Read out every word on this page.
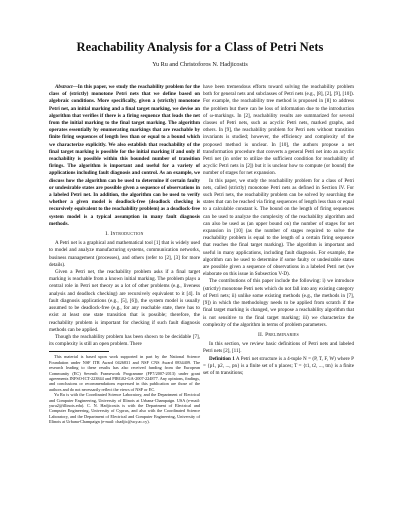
Reachability Analysis for a Class of Petri Nets
Yu Ru and Christoforos N. Hadjicostis

Abstract—In this paper, we study the reachability problem for the class of (strictly) monotone Petri nets that we define based on algebraic conditions. More specifically, given a (strictly) monotone Petri net, an initial marking and a final target marking, we devise an algorithm that verifies if there is a firing sequence that leads the net from the initial marking to the final target marking. The algorithm operates essentially by enumerating markings that are reachable by finite firing sequences of length less than or equal to a bound which we characterize explicitly. We also establish that reachability of the final target marking is possible for the initial marking if and only if reachability is possible within this bounded number of transition firings. The algorithm is important and useful for a variety of applications including fault diagnosis and control. As an example, we discuss how the algorithm can be used to determine if certain faulty or undesirable states are possible given a sequence of observations in a labeled Petri net. In addition, the algorithm can be used to verify whether a given model is deadlock-free (deadlock checking is recursively equivalent to the reachability problem) as a deadlock-free system model is a typical assumption in many fault diagnosis methods.

I. Introduction

A Petri net is a graphical and mathematical tool [1] that is widely used to model and analyze manufacturing systems, communication networks, business management (processes), and others (refer to [2], [3] for more details).

Given a Petri net, the reachability problem asks if a final target marking is reachable from a known initial marking. The problem plays a central role in Petri net theory as a lot of other problems (e.g., liveness analysis and deadlock checking) are recursively equivalent to it [4]. In fault diagnosis applications (e.g., [5], [6]), the system model is usually assumed to be deadlock-free (e.g., for any reachable state, there has to exist at least one state transition that is possible; therefore, the reachability problem is important for checking if such fault diagnosis methods can be applied.

Though the reachability problem has been shown to be decidable [7], its complexity is still an open problem. There

This material is based upon work supported in part by the National Science Foundation under NSF ITR Award 0426831 and NSF CNS Award 0834409. The research leading to these results has also received funding from the European Community (EC) Seventh Framework Programme (FP7/2007-2013) under grant agreements INFSO-ICT-223844 and PIRG02-GA-2007-224877. Any opinions, findings, and conclusions or recommendations expressed in this publication are those of the authors and do not necessarily reflect the views of NSF or EC.

Yu Ru is with the Coordinated Science Laboratory, and the Department of Electrical and Computer Engineering, University of Illinois at Urbana-Champaign. USA (e-mail: yuru2@illinois.edu). C. N. Hadjicostis is with the Department of Electrical and Computer Engineering, University of Cyprus, and also with the Coordinated Science Laboratory, and the Department of Electrical and Computer Engineering, University of Illinois at Urbana-Champaign (e-mail: chadjic@ucy.ac.cy).

have been tremendous efforts toward solving the reachability problem both for general nets and subclasses of Petri nets (e.g., [8], [2], [9], [10]). For example, the reachability tree method is proposed in [8] to address the problem but there can be loss of information due to the introduction of ω-markings. In [2], reachability results are summarized for several classes of Petri nets, such as acyclic Petri nets, marked graphs, and others. In [9], the reachability problem for Petri nets without transition invariants is studied; however, the efficiency and complexity of the proposed method is unclear. In [10], the authors propose a net transformation procedure that converts a general Petri net into an acyclic Petri net (in order to utilize the sufficient condition for reachability of acyclic Petri nets in [2]) but it is unclear how to compute (or bound) the number of stages for net expansion.

In this paper, we study the reachability problem for a class of Petri nets, called (strictly) monotone Petri nets as defined in Section IV. For such Petri nets, the reachability problem can be solved by searching the states that can be reached via firing sequences of length less than or equal to a calculable constant k. The bound on the length of firing sequences can be used to analyze the complexity of the reachability algorithm and can also be used as (an upper bound on) the number of stages for net expansion in [10] (as the number of stages required to solve the reachability problem is equal to the length of a certain firing sequence that reaches the final target marking). The algorithm is important and useful in many applications, including fault diagnosis. For example, the algorithm can be used to determine if some faulty or undesirable states are possible given a sequence of observations in a labeled Petri net (we elaborate on this issue in Subsection V-D).

The contributions of this paper include the following: i) we introduce (strictly) monotone Petri nets which do not fall into any existing category of Petri nets; ii) unlike some existing methods (e.g., the methods in [7], [9]) in which the methodology needs to be applied from scratch if the final target marking is changed, we propose a reachability algorithm that is not sensitive to the final target marking; iii) we characterize the complexity of the algorithm in terms of problem parameters.

II. Preliminaries

In this section, we review basic definitions of Petri nets and labeled Petri nets [2], [11].

Definition 1 A Petri net structure is a 4-tuple N = (P, T, F, W) where P = {p1, p2, ..., pn} is a finite set of n places; T = {t1, t2, ..., tm} is a finite set of m transitions;
